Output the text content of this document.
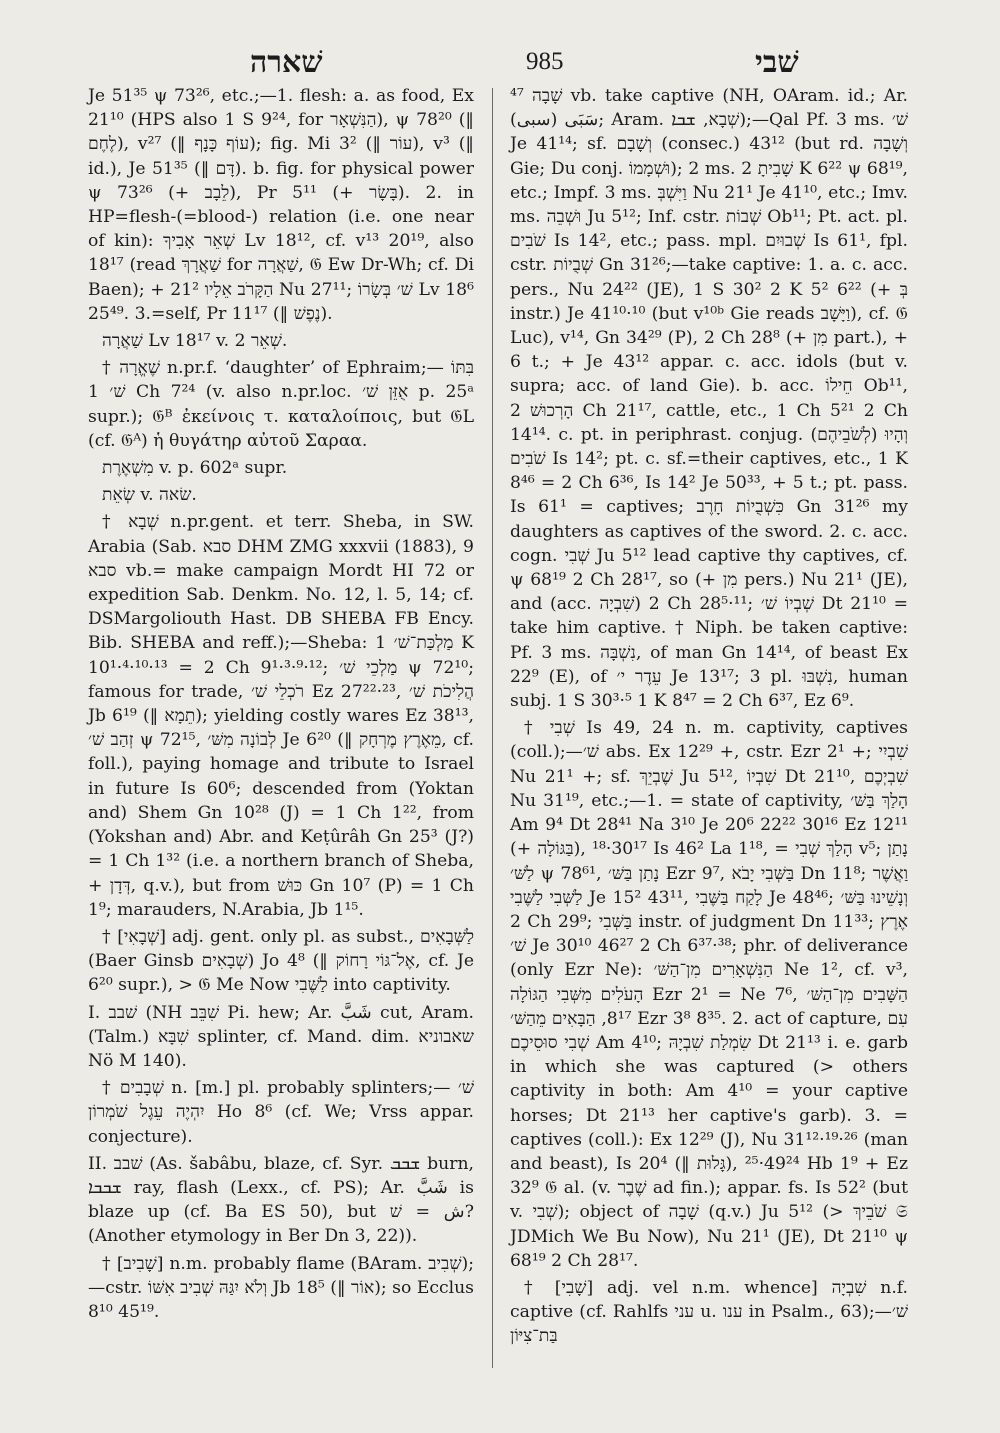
שׁארה	985	שׁבי

Je 51³⁵ ψ 73²⁶, etc.;—1. flesh: a. as food, Ex 21¹⁰ (HPS also 1 S 9²⁴, for הַנִּשְׁאָר), ψ 78²⁰ (‖ לֶחֶם), v²⁷ (‖ עוֹף כָּנָף); fig. Mi 3² (‖ עוֹר), v³ (‖ id.), Je 51³⁵ (‖ דָּם). b. fig. for physical power ψ 73²⁶ (+ לֵבָב), Pr 5¹¹ (+ בָּשָׂר). 2. in HP=flesh-(=blood-) relation (i.e. one near of kin): שְׁאֵר אָבִיךָ Lv 18¹², cf. v¹³ 20¹⁹, also 18¹⁷ (read שַׁאֲרָךְ for שַׁאֲרָה, 𝔊 Ew Dr-Wh; cf. Di Baen); + הַקָּרֹב אֵלָיו 21² Nu 27¹¹; שׁ׳ בְּשָׂרוֹ Lv 18⁶ 25⁴⁹. 3.=self, Pr 11¹⁷ (‖ נֶפֶשׁ).

שַׁאֲרָה Lv 18¹⁷ v. שְׁאֵר 2.

† שֶׁאֱרָה n.pr.f. ‘daughter’ of Ephraim;— בִּתּוֹ שׁ׳ 1 Ch 7²⁴ (v. also n.pr.loc. אֻזֵּן שׁ׳ p. 25ᵃ supr.); 𝔊ᴮ ἐκείνοις τ. καταλοίποις, but 𝔊L (cf. 𝔊ᴬ) ἡ θυγάτηρ αὐτοῦ Σαραα.

מִשְׁאֶרֶת v. p. 602ᵃ supr.

שְׂאֵת v. שׂאה.

† שְׁבָא n.pr.gent. et terr. Sheba, in SW. Arabia (Sab. סבא DHM ZMG xxxvii (1883), 9 סבא vb.= make campaign Mordt HI 72 or expedition Sab. Denkm. No. 12, l. 5, 14; cf. DSMargoliouth Hast. DB SHEBA FB Ency. Bib. SHEBA and reff.);—Sheba: מַלְכַּת־שׁ׳ 1 K 10¹·⁴·¹⁰·¹³ = 2 Ch 9¹·³·⁹·¹²; מַלְכֵי שׁ׳ ψ 72¹⁰; famous for trade, רֹכְלֵי שׁ׳ Ez 27²²·²³, הֲלִיכֹת שׁ׳ Jb 6¹⁹ (‖ תֵמָא); yielding costly wares Ez 38¹³, זְהַב שׁ׳ ψ 72¹⁵, לְבוֹנָה מִשּׁ׳ Je 6²⁰ (‖ מֵאֶרֶץ מֶרְחָק, cf. foll.), paying homage and tribute to Israel in future Is 60⁶; descended from (Yoktan and) Shem Gn 10²⁸ (J) = 1 Ch 1²², from (Yokshan and) Abr. and Keṭûrâh Gn 25³ (J?) = 1 Ch 1³² (i.e. a northern branch of Sheba, + דְּדָן, q.v.), but from כּוּשׁ Gn 10⁷ (P) = 1 Ch 1⁹; marauders, N.Arabia, Jb 1¹⁵.

† [שְׁבָאִי] adj. gent. only pl. as subst., לַשְּׁבָאִים (Baer Ginsb שְׁבָאִים) Jo 4⁸ (‖ אֶל־גּוֹי רָחוֹק, cf. Je 6²⁰ supr.), > 𝔊 Me Now לַשֶּׁבִי into captivity.

I. שׁבב (NH שִׁבֵּב Pi. hew; Ar. شَبَّ cut, Aram. (Talm.) שִׁבָּא splinter, cf. Mand. dim. שאבוניא Nö M 140).

† שְׁבָבִים n. [m.] pl. probably splinters;— שׁ׳ יִהְיֶה עֵגֶל שֹׁמְרוֹן Ho 8⁶ (cf. We; Vrss appar. conjecture).

II. שׁבב (As. šabâbu, blaze, cf. Syr. ܫܒܒ burn, ܫܒܒܐ ray, flash (Lexx., cf. PS); Ar. شَبَّ is blaze up (cf. Ba ES 50), but ش = שׁ? (Another etymology in Ber Dn 3, 22)).

† [שָׁבִיב] n.m. probably flame (BAram. שְׁבִיב);—cstr. וְלֹא יִגַּהּ שְׁבִיב אִשּׁוֹ Jb 18⁵ (‖ אוֹר); so Ecclus 8¹⁰ 45¹⁹.

שָׁבָה ⁴⁷ vb. take captive (NH, OAram. id.; Ar. سَبَى (سبى); Aram. שְׁבָא, ܫܒܐ);—Qal Pf. 3 ms. שׁ׳ Je 41¹⁴; sf. וְשָׁבָם (consec.) 43¹² (but rd. וְשָׁבָה Gie; Du conj. וּשְׁמָמוֹ); 2 ms. שָׁבִיתָ 2 K 6²² ψ 68¹⁹, etc.; Impf. 3 ms. וַיִּשְׁבְּ Nu 21¹ Je 41¹⁰, etc.; Imv. ms. וּשְׁבֵה Ju 5¹²; Inf. cstr. שְׁבוֹת Ob¹¹; Pt. act. pl. שֹׁבִים Is 14², etc.; pass. mpl. שְׁבוּיִם Is 61¹, fpl. cstr. שְׁבֻיוֹת Gn 31²⁶;—take captive: 1. a. c. acc. pers., Nu 24²² (JE), 1 S 30² 2 K 5² 6²² (+ בְּ instr.) Je 41¹⁰·¹⁰ (but v¹⁰ᵇ Gie reads וַיָּשָׁב), cf. 𝔊 Luc), v¹⁴, Gn 34²⁹ (P), 2 Ch 28⁸ (+ מִן part.), + 6 t.; + Je 43¹² appar. c. acc. idols (but v. supra; acc. of land Gie). b. acc. חֵילוֹ Ob¹¹, הָרְכוּשׁ 2 Ch 21¹⁷, cattle, etc., 1 Ch 5²¹ 2 Ch 14¹⁴. c. pt. in periphrast. conjug. (לְשֹׁבֵיהֶם) וְהָיוּ שֹׁבִים Is 14²; pt. c. sf.=their captives, etc., 1 K 8⁴⁶ = 2 Ch 6³⁶, Is 14² Je 50³³, + 5 t.; pt. pass. Is 61¹ = captives; כִּשְׁבֻיוֹת חָרֶב Gn 31²⁶ my daughters as captives of the sword. 2. c. acc. cogn. שְׁבִי Ju 5¹² lead captive thy captives, cf. ψ 68¹⁹ 2 Ch 28¹⁷, so (+ מִן pers.) Nu 21¹ (JE), and (acc. שִׁבְיָה) 2 Ch 28⁵·¹¹; שְׁבְיוֹ שׁ׳ Dt 21¹⁰ = take him captive. † Niph. be taken captive: Pf. 3 ms. נִשְׁבָּה, of man Gn 14¹⁴, of beast Ex 22⁹ (E), of עֵדֶר י׳ Je 13¹⁷; 3 pl. נִשְׁבּוּ, human subj. 1 S 30³·⁵ 1 K 8⁴⁷ = 2 Ch 6³⁷, Ez 6⁹.

† שְׁבִי Is 49, 24 n. m. captivity, captives (coll.);—שׁ׳ abs. Ex 12²⁹ +, cstr. Ezr 2¹ +; שִׁבְיִי Nu 21¹ +; sf. שֶׁבְיֵךְ Ju 5¹², שִׁבְיוֹ Dt 21¹⁰, שִׁבְיְכֶם Nu 31¹⁹, etc.;—1. = state of captivity, הָלַךְ בַּשּׁ׳ Am 9⁴ Dt 28⁴¹ Na 3¹⁰ Je 20⁶ 22²² 30¹⁶ Ez 12¹¹ (+ בַּגּוֹלָה), 30¹⁷·¹⁸ Is 46² La 1¹⁸, = הָלַךְ שְׁבִי v⁵; נָתַן לַשּׁ׳ ψ 78⁶¹, נָתַן בַּשּׁ׳ Ezr 9⁷, בַּשְּׁבִי יָבֹא Dn 11⁸; וַאֲשֶׁר לַשְּׁבִי לַשֶּׁבִי Je 15² 43¹¹, לָקַח בַּשֶּׁבִי Je 48⁴⁶; וְנָשֵׁינוּ בַּשּׁ׳ 2 Ch 29⁹; בַּשְּׁבִי instr. of judgment Dn 11³³; אֶרֶץ שׁ׳ Je 30¹⁰ 46²⁷ 2 Ch 6³⁷·³⁸; phr. of deliverance (only Ezr Ne): הַנִּשְׁאָרִים מִן־הַשּׁ׳ Ne 1², cf. v³, הָעֹלִים מִשְּׁבִי הַגּוֹלָה Ezr 2¹ = Ne 7⁶, הַשָּׁבִים מִן־הַשּׁ׳ 8¹⁷, הַבָּאִים מֵהַשּׁ׳ Ezr 3⁸ 8³⁵. 2. act of capture, עִם שְׁבִי סוּסֵיכֶם Am 4¹⁰; שִׂמְלַת שִׁבְיָהּ Dt 21¹³ i. e. garb in which she was captured (> others captivity in both: Am 4¹⁰ = your captive horses; Dt 21¹³ her captive's garb). 3. = captives (coll.): Ex 12²⁹ (J), Nu 31¹²·¹⁹·²⁶ (man and beast), Is 20⁴ (‖ גָּלוּת), 49²⁴·²⁵ Hb 1⁹ + Ez 32⁹ 𝔊 al. (v. שֶׁבֶר ad fin.); appar. fs. Is 52² (but v. שְׁבִי); object of שָׁבָה (q.v.) Ju 5¹² (> שֹׁבֵיךְ 𝔖 JDMich We Bu Now), Nu 21¹ (JE), Dt 21¹⁰ ψ 68¹⁹ 2 Ch 28¹⁷.

† [שָׁבִי] adj. vel n.m. whence] שִׁבְיָה n.f. captive (cf. Rahlfs עני u. ענו in Psalm., 63);—שׁ׳ בַּת־צִיּוֹן
